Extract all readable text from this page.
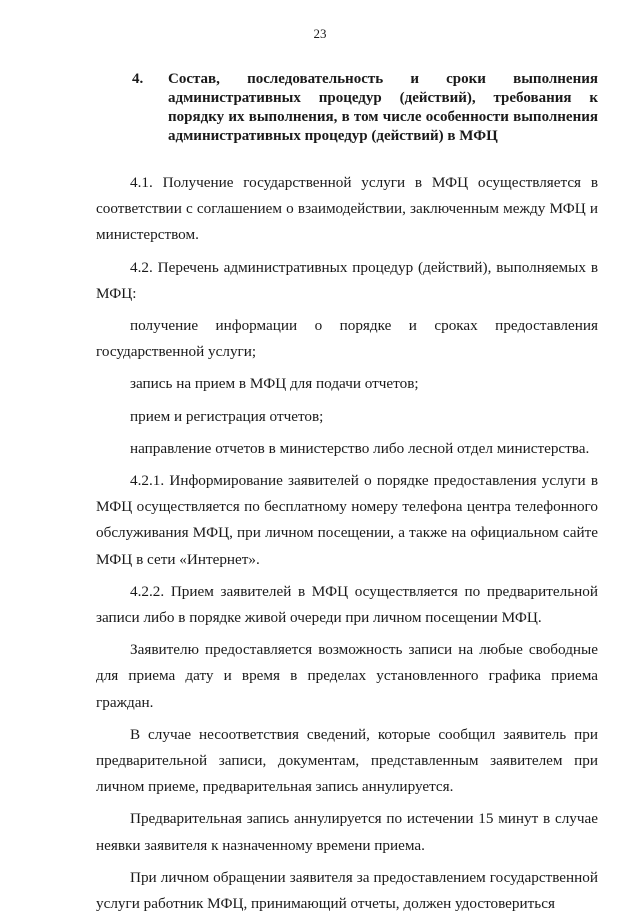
23
4. Состав, последовательность и сроки выполнения административных процедур (действий), требования к порядку их выполнения, в том числе особенности выполнения административных процедур (действий) в МФЦ

4.1. Получение государственной услуги в МФЦ осуществляется в соответствии с соглашением о взаимодействии, заключенным между МФЦ и министерством.

4.2. Перечень административных процедур (действий), выполняемых в МФЦ:

получение информации о порядке и сроках предоставления государственной услуги;

запись на прием в МФЦ для подачи отчетов;

прием и регистрация отчетов;

направление отчетов в министерство либо лесной отдел министерства.

4.2.1. Информирование заявителей о порядке предоставления услуги в МФЦ осуществляется по бесплатному номеру телефона центра телефонного обслуживания МФЦ, при личном посещении, а также на официальном сайте МФЦ в сети «Интернет».

4.2.2. Прием заявителей в МФЦ осуществляется по предварительной записи либо в порядке живой очереди при личном посещении МФЦ.

Заявителю предоставляется возможность записи на любые свободные для приема дату и время в пределах установленного графика приема граждан.

В случае несоответствия сведений, которые сообщил заявитель при предварительной записи, документам, представленным заявителем при личном приеме, предварительная запись аннулируется.

Предварительная запись аннулируется по истечении 15 минут в случае неявки заявителя к назначенному времени приема.

При личном обращении заявителя за предоставлением государственной услуги работник МФЦ, принимающий отчеты, должен удостовериться
